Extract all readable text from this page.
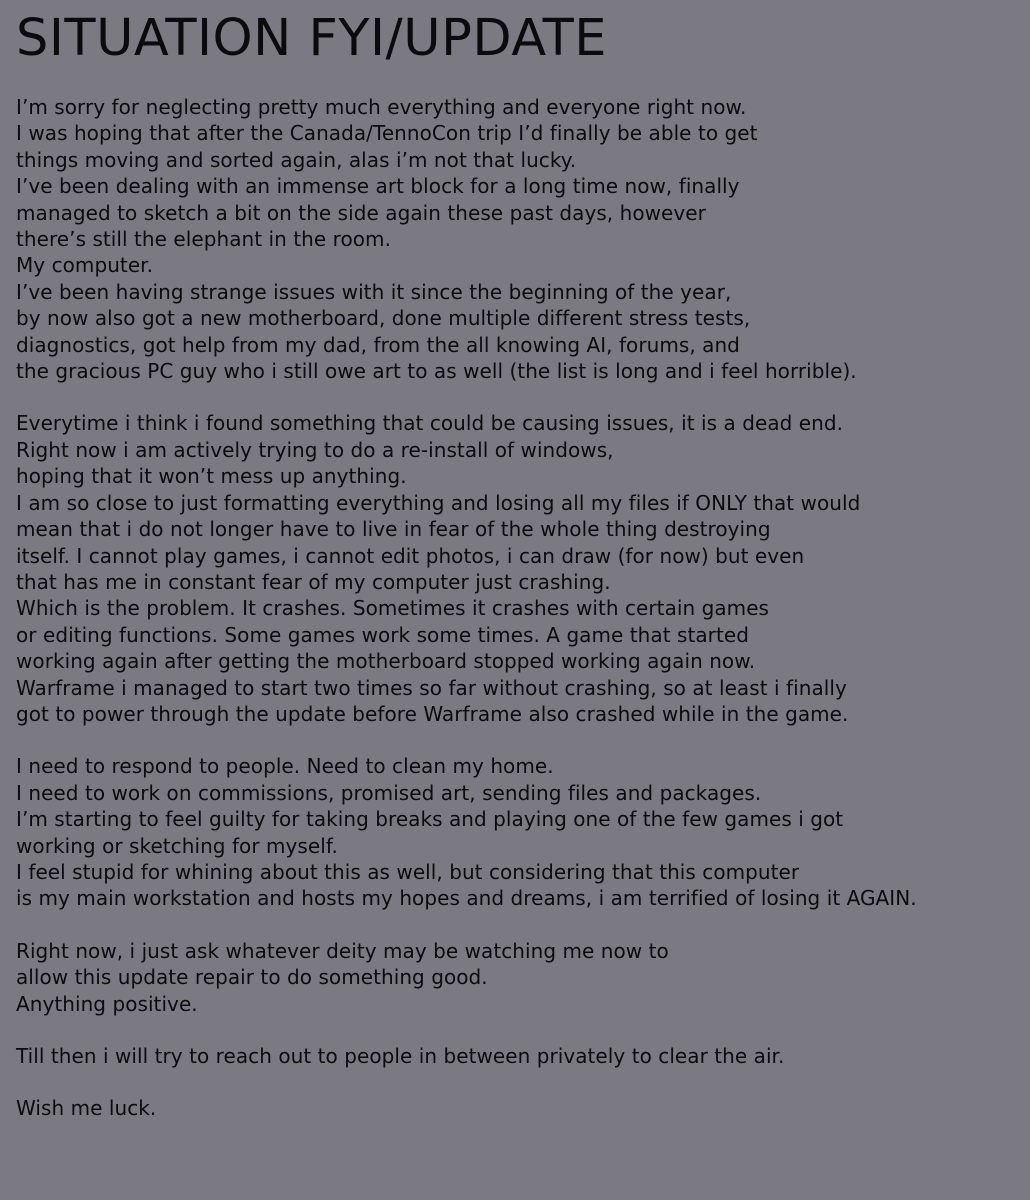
SITUATION FYI/UPDATE

I’m sorry for neglecting pretty much everything and everyone right now.
I was hoping that after the Canada/TennoCon trip I’d finally be able to get
things moving and sorted again, alas i’m not that lucky.
I’ve been dealing with an immense art block for a long time now, finally
managed to sketch a bit on the side again these past days, however
there’s still the elephant in the room.
My computer.
I’ve been having strange issues with it since the beginning of the year,
by now also got a new motherboard, done multiple different stress tests,
diagnostics, got help from my dad, from the all knowing AI, forums, and
the gracious PC guy who i still owe art to as well (the list is long and i feel horrible).

Everytime i think i found something that could be causing issues, it is a dead end.
Right now i am actively trying to do a re-install of windows,
hoping that it won’t mess up anything.
I am so close to just formatting everything and losing all my files if ONLY that would
mean that i do not longer have to live in fear of the whole thing destroying
itself. I cannot play games, i cannot edit photos, i can draw (for now) but even
that has me in constant fear of my computer just crashing.
Which is the problem. It crashes. Sometimes it crashes with certain games
or editing functions. Some games work some times. A game that started
working again after getting the motherboard stopped working again now.
Warframe i managed to start two times so far without crashing, so at least i finally
got to power through the update before Warframe also crashed while in the game.

I need to respond to people. Need to clean my home.
I need to work on commissions, promised art, sending files and packages.
I’m starting to feel guilty for taking breaks and playing one of the few games i got
working or sketching for myself.
I feel stupid for whining about this as well, but considering that this computer
is my main workstation and hosts my hopes and dreams, i am terrified of losing it AGAIN.

Right now, i just ask whatever deity may be watching me now to
allow this update repair to do something good.
Anything positive.

Till then i will try to reach out to people in between privately to clear the air.

Wish me luck.
